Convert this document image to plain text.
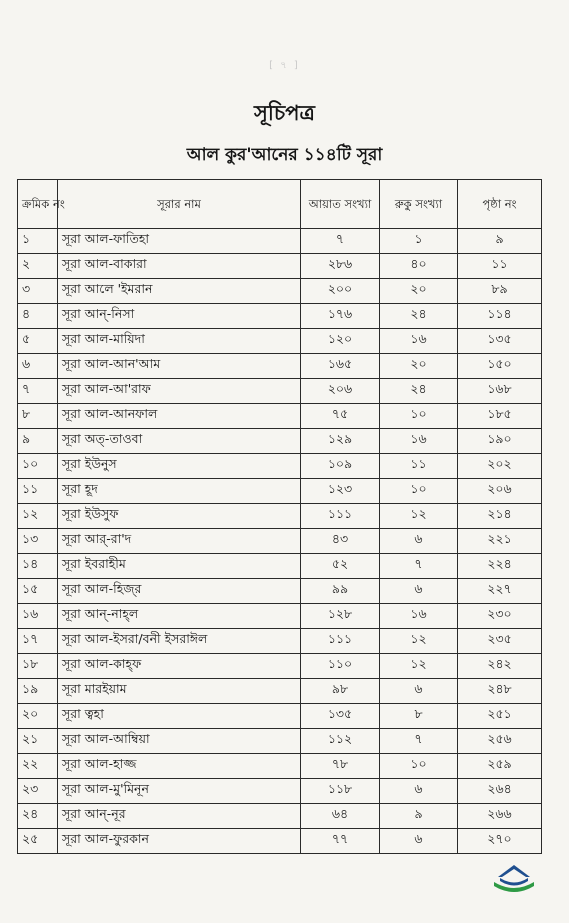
[ ৭ ]
সূচিপত্র
আল কুর'আনের ১১৪টি সূরা
ক্রমিক নং	সূরার নাম	আয়াত সংখ্যা	রুকু সংখ্যা	পৃষ্ঠা নং
১	সূরা আল-ফাতিহা	৭	১	৯
২	সূরা আল-বাকারা	২৮৬	৪০	১১
৩	সূরা আলে 'ইমরান	২০০	২০	৮৯
৪	সূরা আন্-নিসা	১৭৬	২৪	১১৪
৫	সূরা আল-মায়িদা	১২০	১৬	১৩৫
৬	সূরা আল-আন'আম	১৬৫	২০	১৫০
৭	সূরা আল-আ'রাফ	২০৬	২৪	১৬৮
৮	সূরা আল-আনফাল	৭৫	১০	১৮৫
৯	সূরা অত্-তাওবা	১২৯	১৬	১৯০
১০	সূরা ইউনুস	১০৯	১১	২০২
১১	সূরা হূদ	১২৩	১০	২০৬
১২	সূরা ইউসুফ	১১১	১২	২১৪
১৩	সূরা আর্-রা'দ	৪৩	৬	২২১
১৪	সূরা ইবরাহীম	৫২	৭	২২৪
১৫	সূরা আল-হিজ্‌র	৯৯	৬	২২৭
১৬	সূরা আন্-নাহ্‌ল	১২৮	১৬	২৩০
১৭	সূরা আল-ইসরা/বনী ইসরাঈল	১১১	১২	২৩৫
১৮	সূরা আল-কাহ্‌ফ	১১০	১২	২৪২
১৯	সূরা মারইয়াম	৯৮	৬	২৪৮
২০	সূরা ত্বহা	১৩৫	৮	২৫১
২১	সূরা আল-আম্বিয়া	১১২	৭	২৫৬
২২	সূরা আল-হাজ্জ	৭৮	১০	২৫৯
২৩	সূরা আল-মু'মিনূন	১১৮	৬	২৬৪
২৪	সূরা আন্-নূর	৬৪	৯	২৬৬
২৫	সূরা আল-ফুরকান	৭৭	৬	২৭০
